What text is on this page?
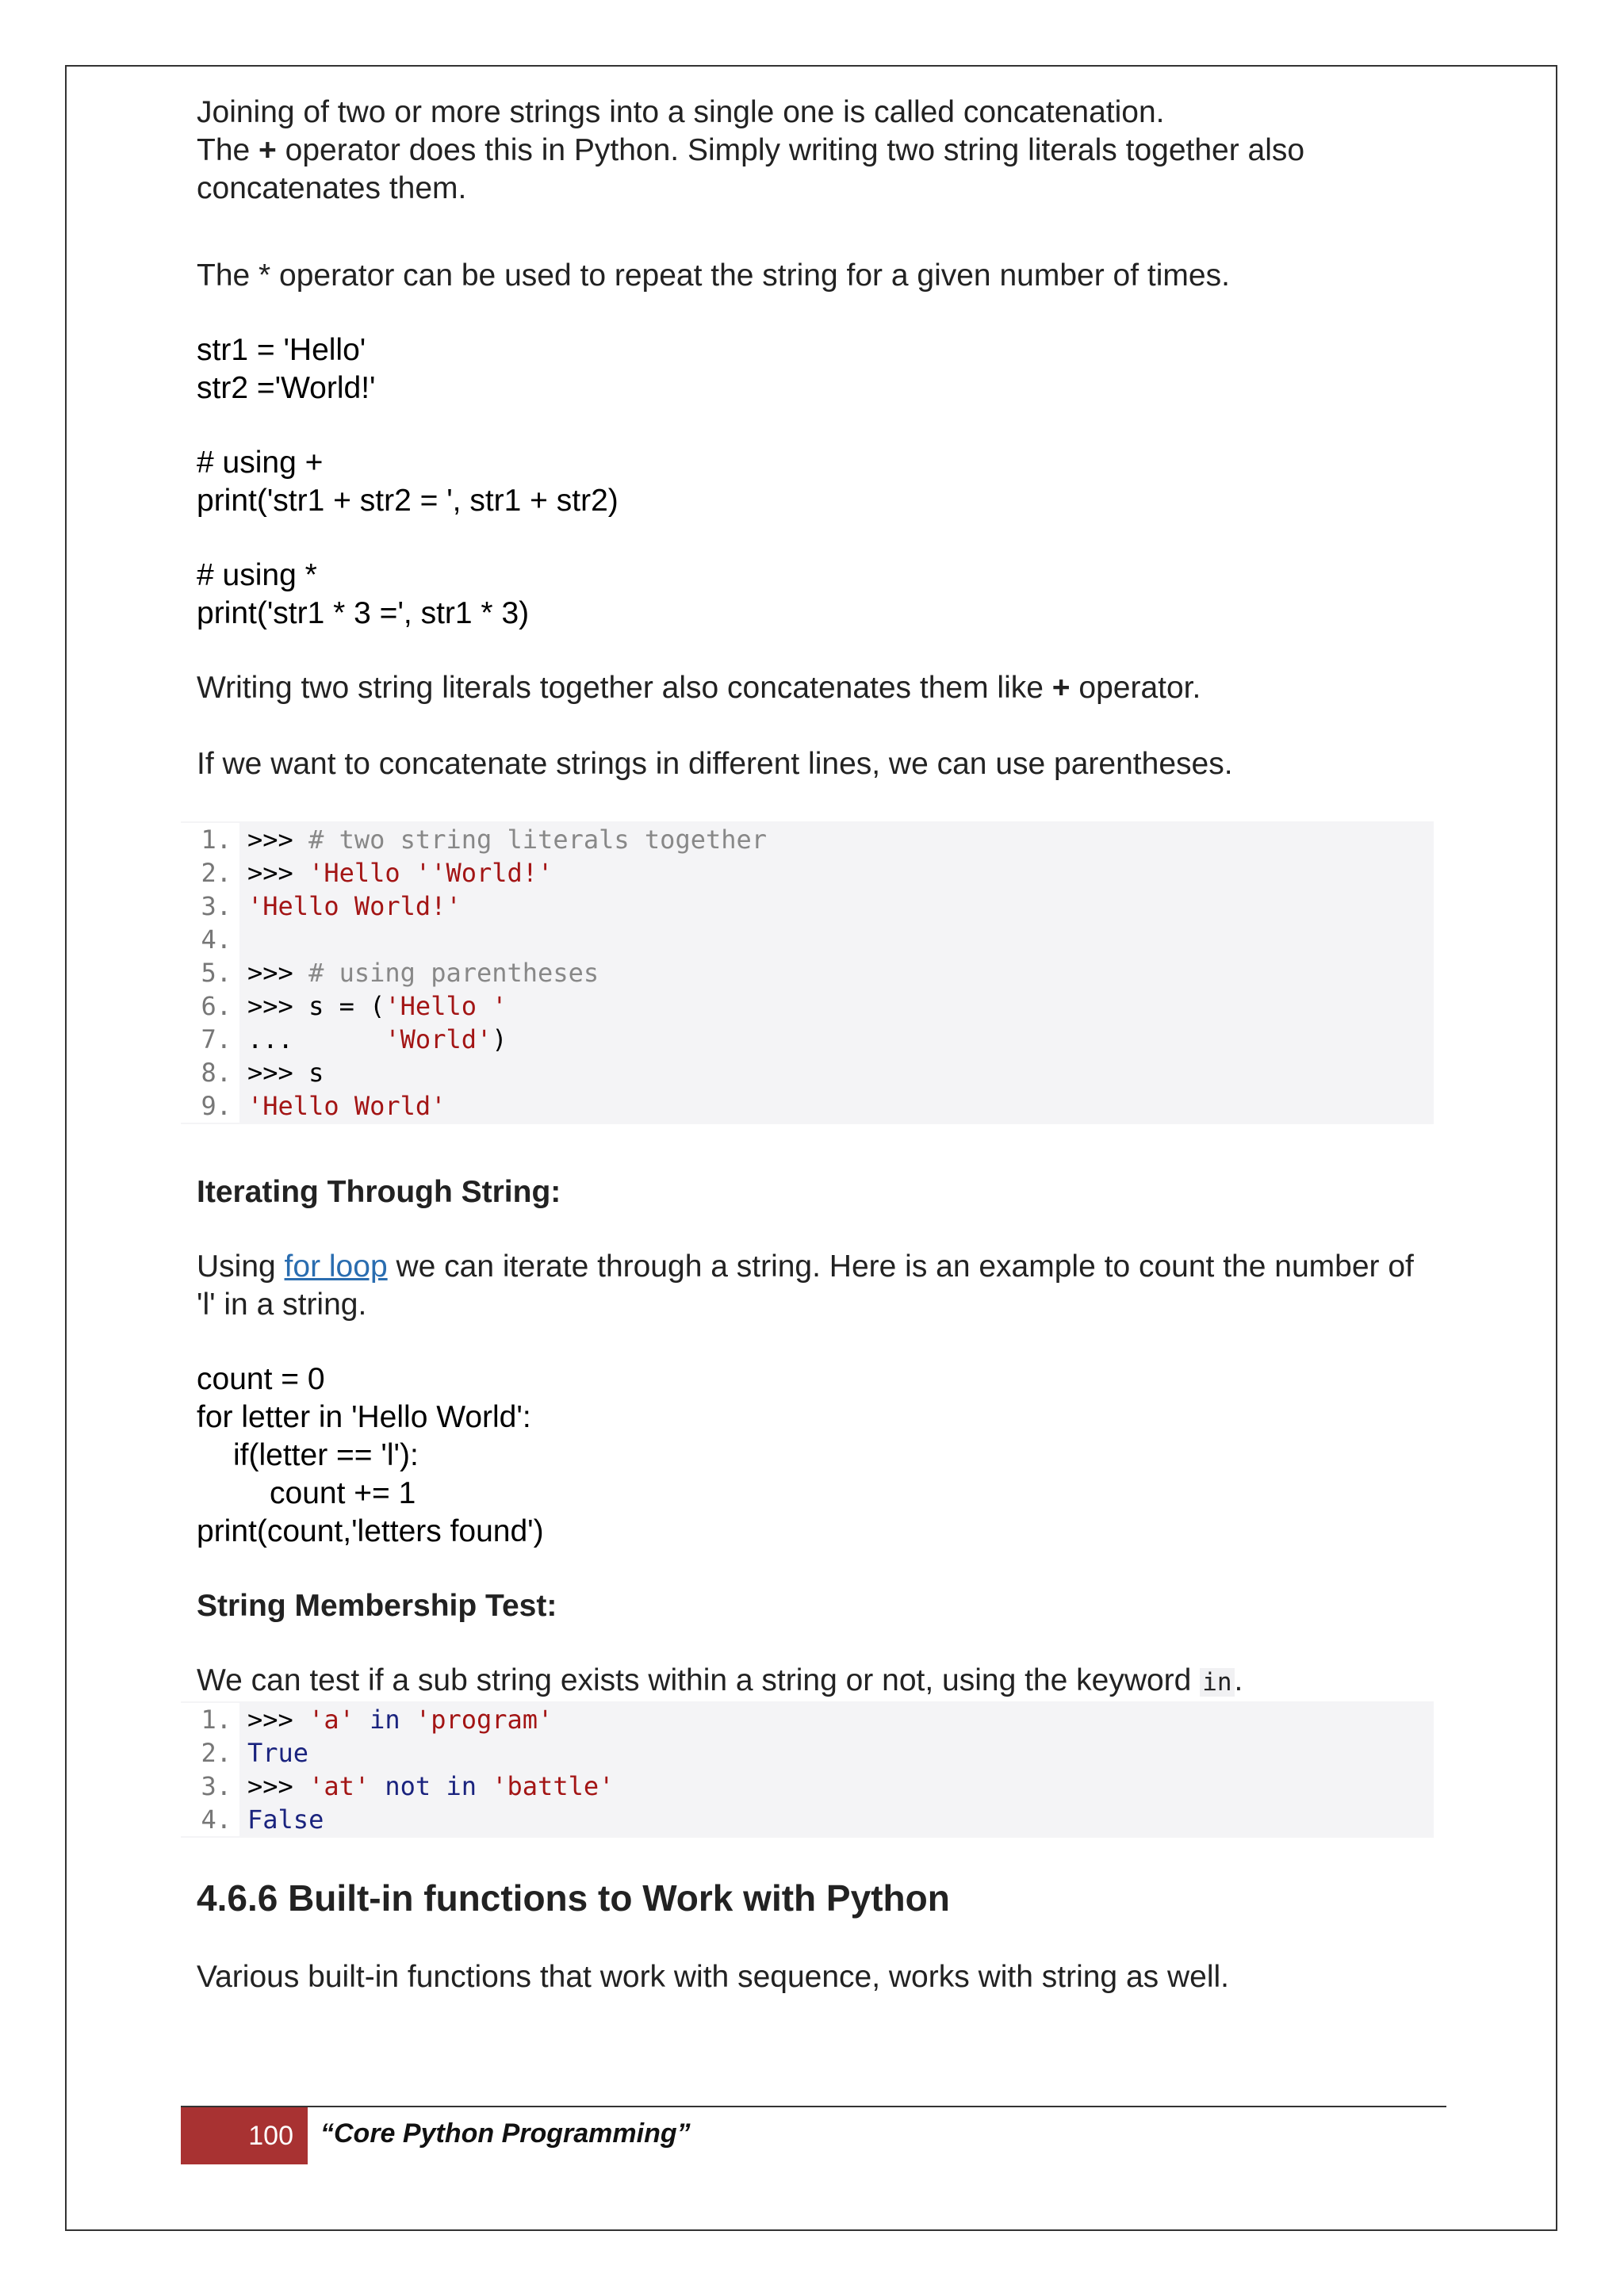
Joining of two or more strings into a single one is called concatenation.

The + operator does this in Python. Simply writing two string literals together also concatenates them.

The * operator can be used to repeat the string for a given number of times.

str1 = 'Hello'

str2 ='World!'

# using +

print('str1 + str2 = ', str1 + str2)

# using *

print('str1 * 3 =', str1 * 3)

Writing two string literals together also concatenates them like + operator.

If we want to concatenate strings in different lines, we can use parentheses.

1. >>> # two string literals together
2. >>> 'Hello ''World!'
3. 'Hello World!'
4.

5. >>> # using parentheses
6. >>> s = ('Hello '
7. ...      'World')
8. >>> s
9. 'Hello World'

Iterating Through String:

Using for loop we can iterate through a string. Here is an example to count the number of 'l' in a string.

count = 0

for letter in 'Hello World':

if(letter == 'l'):

count += 1

print(count,'letters found')

String Membership Test:

We can test if a sub string exists within a string or not, using the keyword in.

1. >>> 'a' in 'program'
2. True
3. >>> 'at' not in 'battle'
4. False

4.6.6 Built-in functions to Work with Python

Various built-in functions that work with sequence, works with string as well.

100	“Core Python Programming”
